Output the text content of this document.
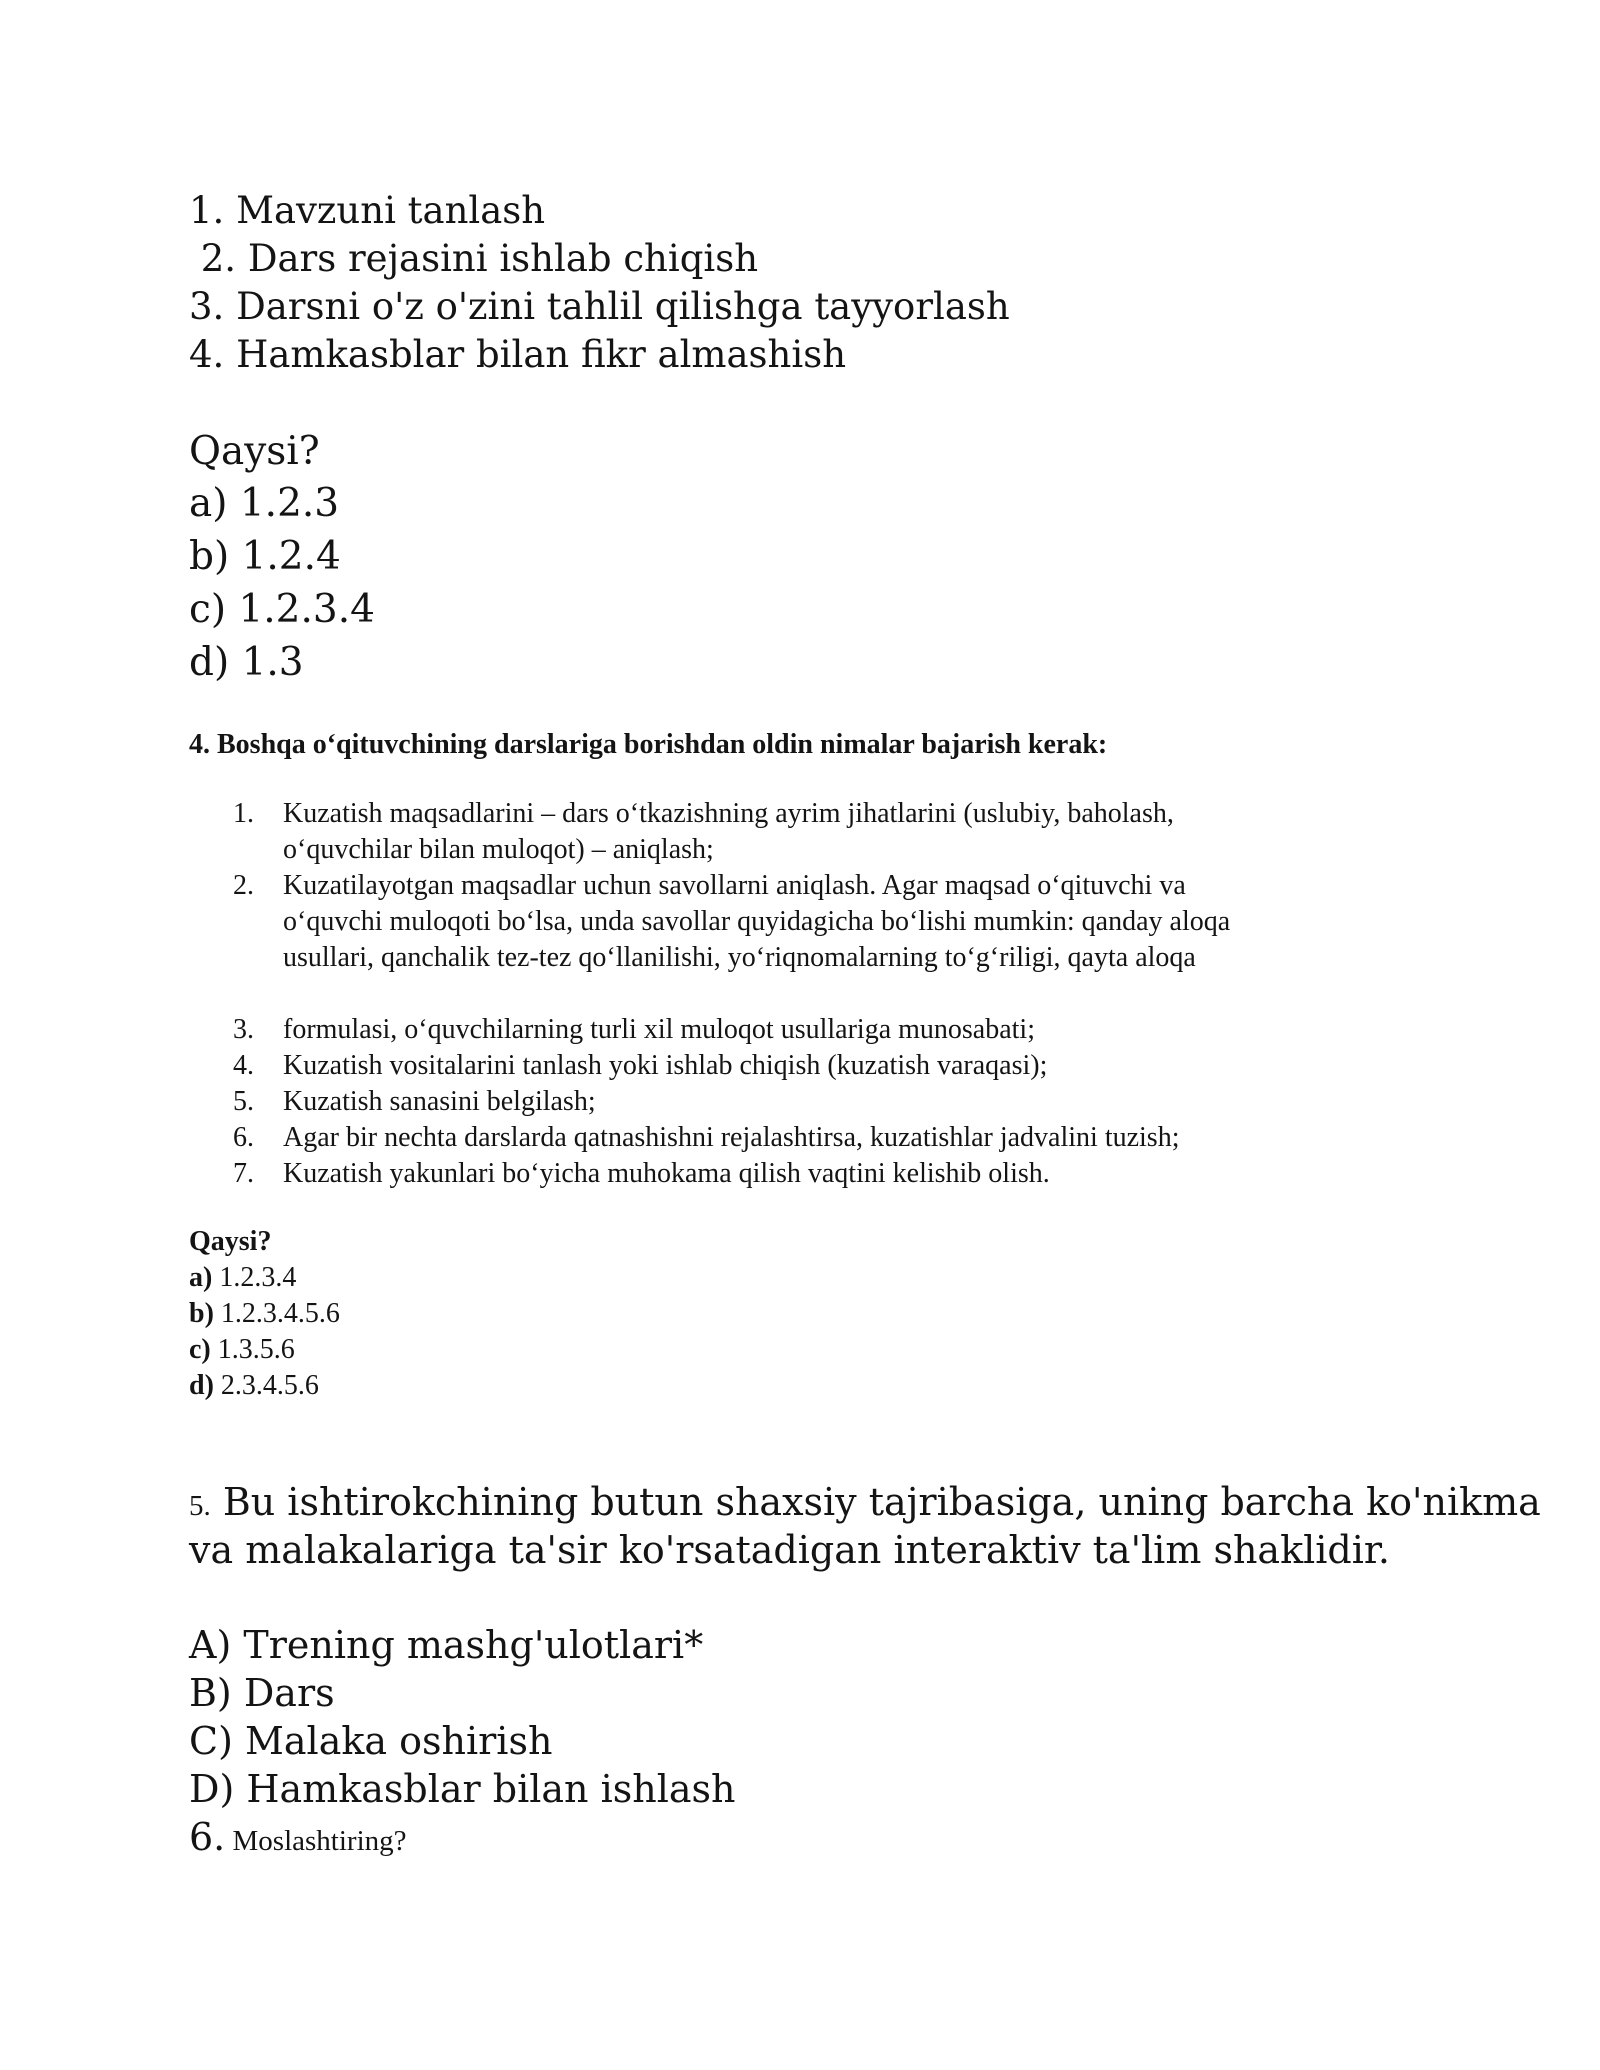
1. Mavzuni tanlash

2. Dars rejasini ishlab chiqish

3. Darsni o'z o'zini tahlil qilishga tayyorlash

4. Hamkasblar bilan fikr almashish

Qaysi?

a) 1.2.3

b) 1.2.4

c) 1.2.3.4

d) 1.3

4. Boshqa o‘qituvchining darslariga borishdan oldin nimalar bajarish kerak:

1.	Kuzatish maqsadlarini – dars o‘tkazishning ayrim jihatlarini (uslubiy, baholash,
o‘quvchilar bilan muloqot) – aniqlash;
2.	Kuzatilayotgan maqsadlar uchun savollarni aniqlash. Agar maqsad o‘qituvchi va
o‘quvchi muloqoti bo‘lsa, unda savollar quyidagicha bo‘lishi mumkin: qanday aloqa
usullari, qanchalik tez-tez qo‘llanilishi, yo‘riqnomalarning to‘g‘riligi, qayta aloqa
3.	formulasi, o‘quvchilarning turli xil muloqot usullariga munosabati;
4.	Kuzatish vositalarini tanlash yoki ishlab chiqish (kuzatish varaqasi);
5.	Kuzatish sanasini belgilash;
6.	Agar bir nechta darslarda qatnashishni rejalashtirsa, kuzatishlar jadvalini tuzish;
7.	Kuzatish yakunlari bo‘yicha muhokama qilish vaqtini kelishib olish.

Qaysi?

a) 1.2.3.4

b) 1.2.3.4.5.6

c) 1.3.5.6

d) 2.3.4.5.6

5. Bu ishtirokchining butun shaxsiy tajribasiga, uning barcha ko'nikma

va malakalariga ta'sir ko'rsatadigan interaktiv ta'lim shaklidir.

A) Trening mashg'ulotlari*

B) Dars

C) Malaka oshirish

D) Hamkasblar bilan ishlash

6. Moslashtiring?
